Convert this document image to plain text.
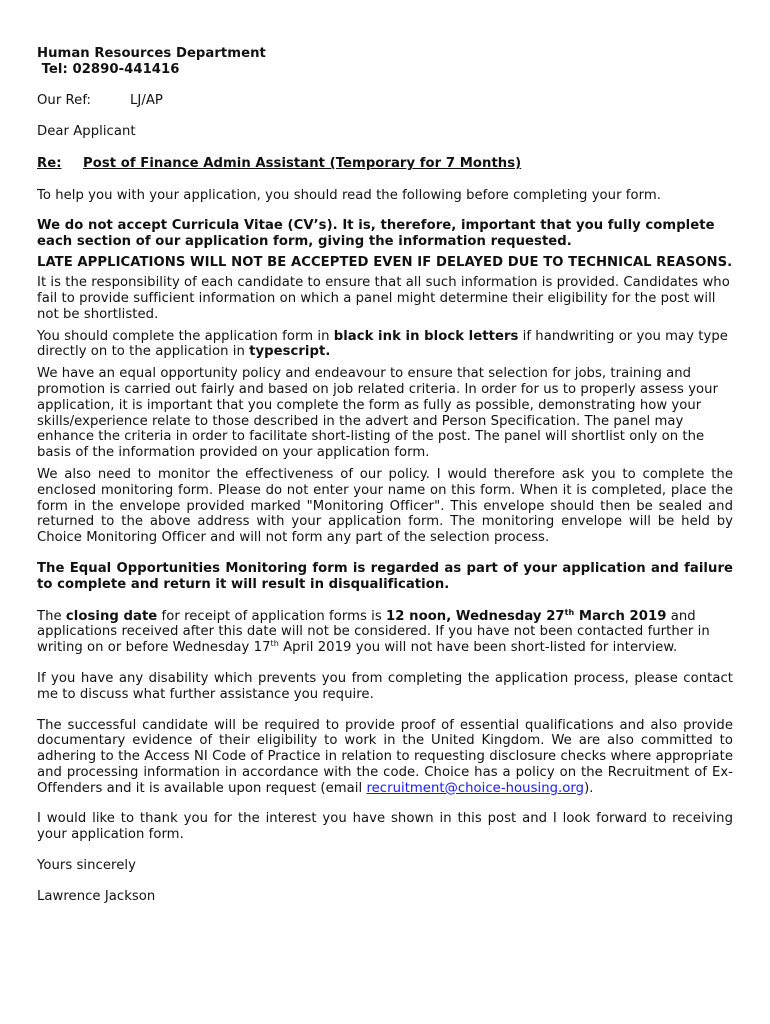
Human Resources Department

Tel: 02890-441416

Our Ref:	LJ/AP

Dear Applicant

Re: Post of Finance Admin Assistant (Temporary for 7 Months)

To help you with your application, you should read the following before completing your form.

We do not accept Curricula Vitae (CV’s). It is, therefore, important that you fully complete each section of our application form, giving the information requested.

LATE APPLICATIONS WILL NOT BE ACCEPTED EVEN IF DELAYED DUE TO TECHNICAL REASONS.

It is the responsibility of each candidate to ensure that all such information is provided. Candidates who fail to provide sufficient information on which a panel might determine their eligibility for the post will not be shortlisted.

You should complete the application form in black ink in block letters if handwriting or you may type directly on to the application in typescript.

We have an equal opportunity policy and endeavour to ensure that selection for jobs, training and promotion is carried out fairly and based on job related criteria. In order for us to properly assess your application, it is important that you complete the form as fully as possible, demonstrating how your skills/experience relate to those described in the advert and Person Specification. The panel may enhance the criteria in order to facilitate short-listing of the post. The panel will shortlist only on the basis of the information provided on your application form.

We also need to monitor the effectiveness of our policy. I would therefore ask you to complete the enclosed monitoring form. Please do not enter your name on this form. When it is completed, place the form in the envelope provided marked "Monitoring Officer". This envelope should then be sealed and returned to the above address with your application form. The monitoring envelope will be held by Choice Monitoring Officer and will not form any part of the selection process.

The Equal Opportunities Monitoring form is regarded as part of your application and failure to complete and return it will result in disqualification.

The closing date for receipt of application forms is 12 noon, Wednesday 27th March 2019 and applications received after this date will not be considered. If you have not been contacted further in writing on or before Wednesday 17th April 2019 you will not have been short-listed for interview.

If you have any disability which prevents you from completing the application process, please contact me to discuss what further assistance you require.

The successful candidate will be required to provide proof of essential qualifications and also provide documentary evidence of their eligibility to work in the United Kingdom. We are also committed to adhering to the Access NI Code of Practice in relation to requesting disclosure checks where appropriate and processing information in accordance with the code. Choice has a policy on the Recruitment of Ex-Offenders and it is available upon request (email recruitment@choice-housing.org).

I would like to thank you for the interest you have shown in this post and I look forward to receiving your application form.

Yours sincerely

Lawrence Jackson
